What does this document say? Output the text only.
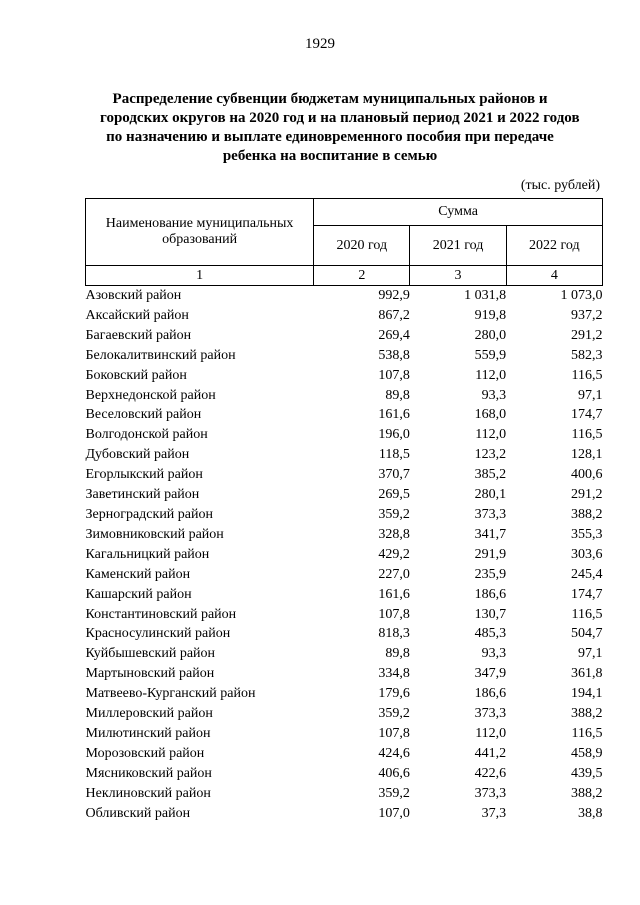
1929
Распределение субвенции бюджетам муниципальных районов и
городских округов на 2020 год и на плановый период 2021 и 2022 годов
по назначению и выплате единовременного пособия при передаче
ребенка на воспитание в семью
(тыс. рублей)
Наименование муниципальных образований	Сумма		
	2020 год	2021 год	2022 год
1	2	3	4
Азовский район	992,9	1 031,8	1 073,0
Аксайский район	867,2	919,8	937,2
Багаевский район	269,4	280,0	291,2
Белокалитвинский район	538,8	559,9	582,3
Боковский район	107,8	112,0	116,5
Верхнедонской район	89,8	93,3	97,1
Веселовский район	161,6	168,0	174,7
Волгодонской район	196,0	112,0	116,5
Дубовский район	118,5	123,2	128,1
Егорлыкский район	370,7	385,2	400,6
Заветинский район	269,5	280,1	291,2
Зерноградский район	359,2	373,3	388,2
Зимовниковский район	328,8	341,7	355,3
Кагальницкий район	429,2	291,9	303,6
Каменский район	227,0	235,9	245,4
Кашарский район	161,6	186,6	174,7
Константиновский район	107,8	130,7	116,5
Красносулинский район	818,3	485,3	504,7
Куйбышевский район	89,8	93,3	97,1
Мартыновский район	334,8	347,9	361,8
Матвеево-Курганский район	179,6	186,6	194,1
Миллеровский район	359,2	373,3	388,2
Милютинский район	107,8	112,0	116,5
Морозовский район	424,6	441,2	458,9
Мясниковский район	406,6	422,6	439,5
Неклиновский район	359,2	373,3	388,2
Обливский район	107,0	37,3	38,8
